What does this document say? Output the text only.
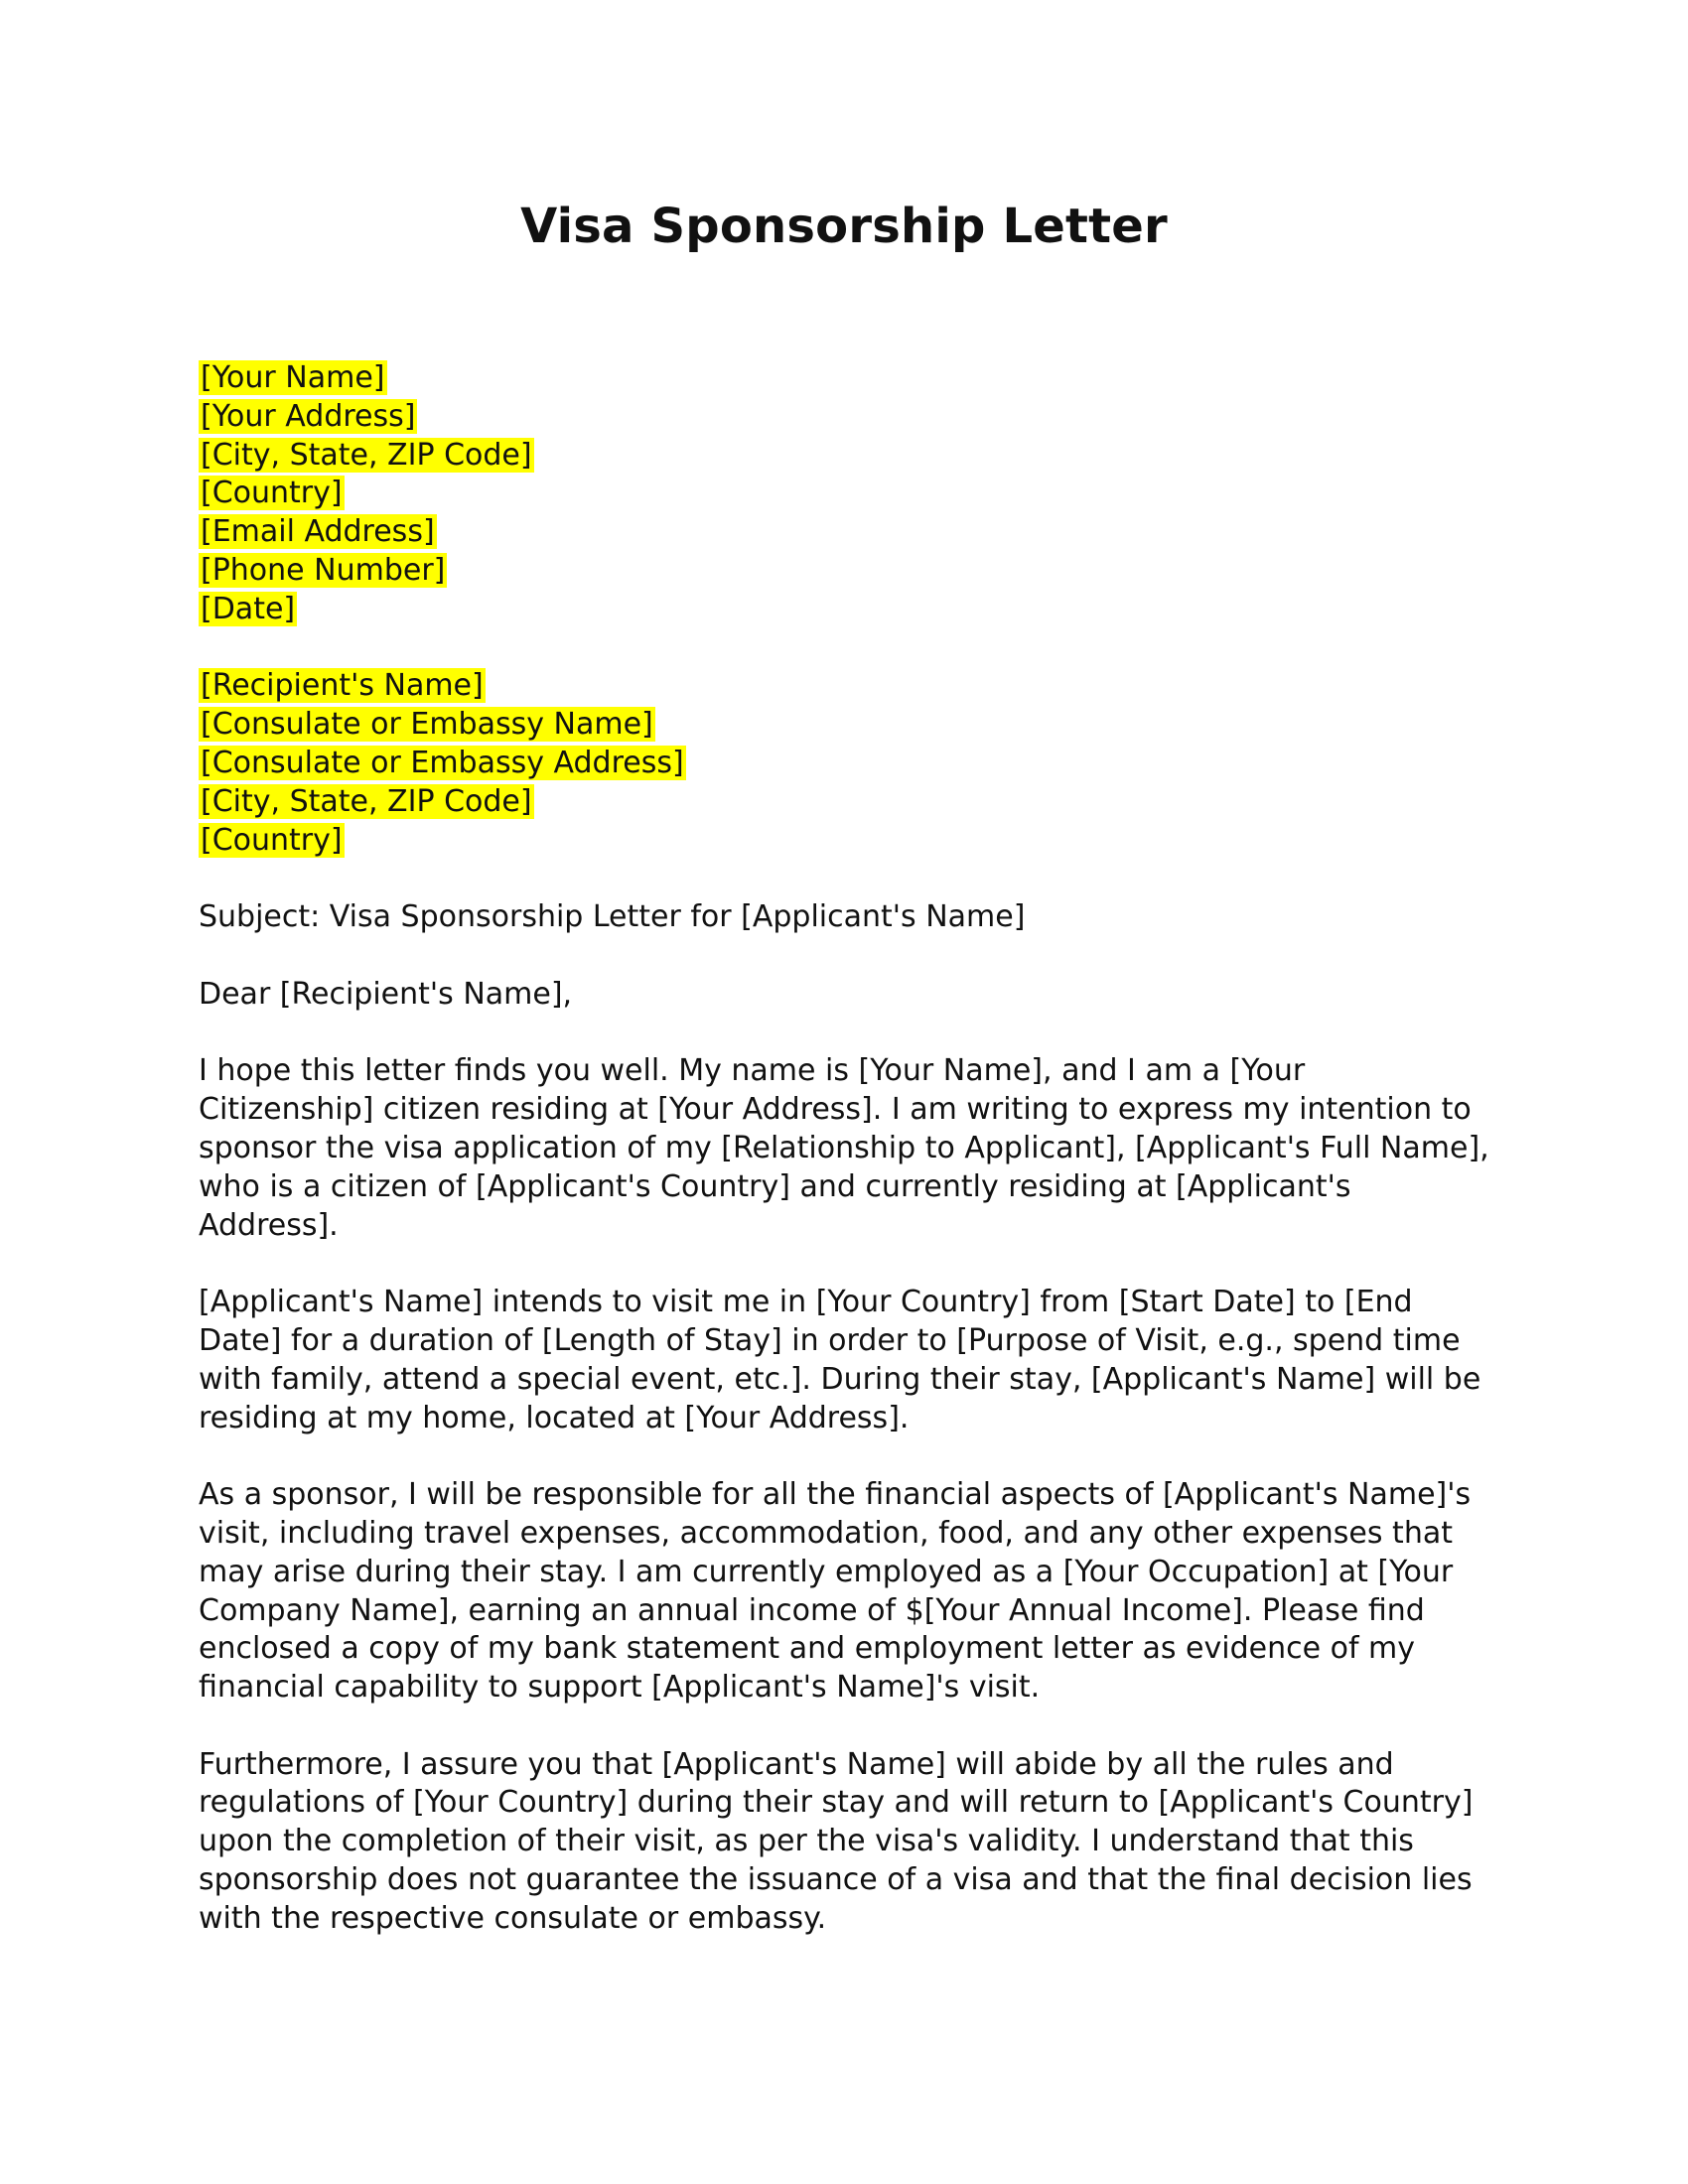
Visa Sponsorship Letter
[Your Name]
[Your Address]
[City, State, ZIP Code]
[Country]
[Email Address]
[Phone Number]
[Date]
[Recipient's Name]
[Consulate or Embassy Name]
[Consulate or Embassy Address]
[City, State, ZIP Code]
[Country]

Subject: Visa Sponsorship Letter for [Applicant's Name]

Dear [Recipient's Name],

I hope this letter finds you well. My name is [Your Name], and I am a [Your Citizenship] citizen residing at [Your Address]. I am writing to express my intention to sponsor the visa application of my [Relationship to Applicant], [Applicant's Full Name], who is a citizen of [Applicant's Country] and currently residing at [Applicant's Address].

[Applicant's Name] intends to visit me in [Your Country] from [Start Date] to [End Date] for a duration of [Length of Stay] in order to [Purpose of Visit, e.g., spend time with family, attend a special event, etc.]. During their stay, [Applicant's Name] will be residing at my home, located at [Your Address].

As a sponsor, I will be responsible for all the financial aspects of [Applicant's Name]'s visit, including travel expenses, accommodation, food, and any other expenses that may arise during their stay. I am currently employed as a [Your Occupation] at [Your Company Name], earning an annual income of $[Your Annual Income]. Please find enclosed a copy of my bank statement and employment letter as evidence of my financial capability to support [Applicant's Name]'s visit.

Furthermore, I assure you that [Applicant's Name] will abide by all the rules and regulations of [Your Country] during their stay and will return to [Applicant's Country] upon the completion of their visit, as per the visa's validity. I understand that this sponsorship does not guarantee the issuance of a visa and that the final decision lies with the respective consulate or embassy.
